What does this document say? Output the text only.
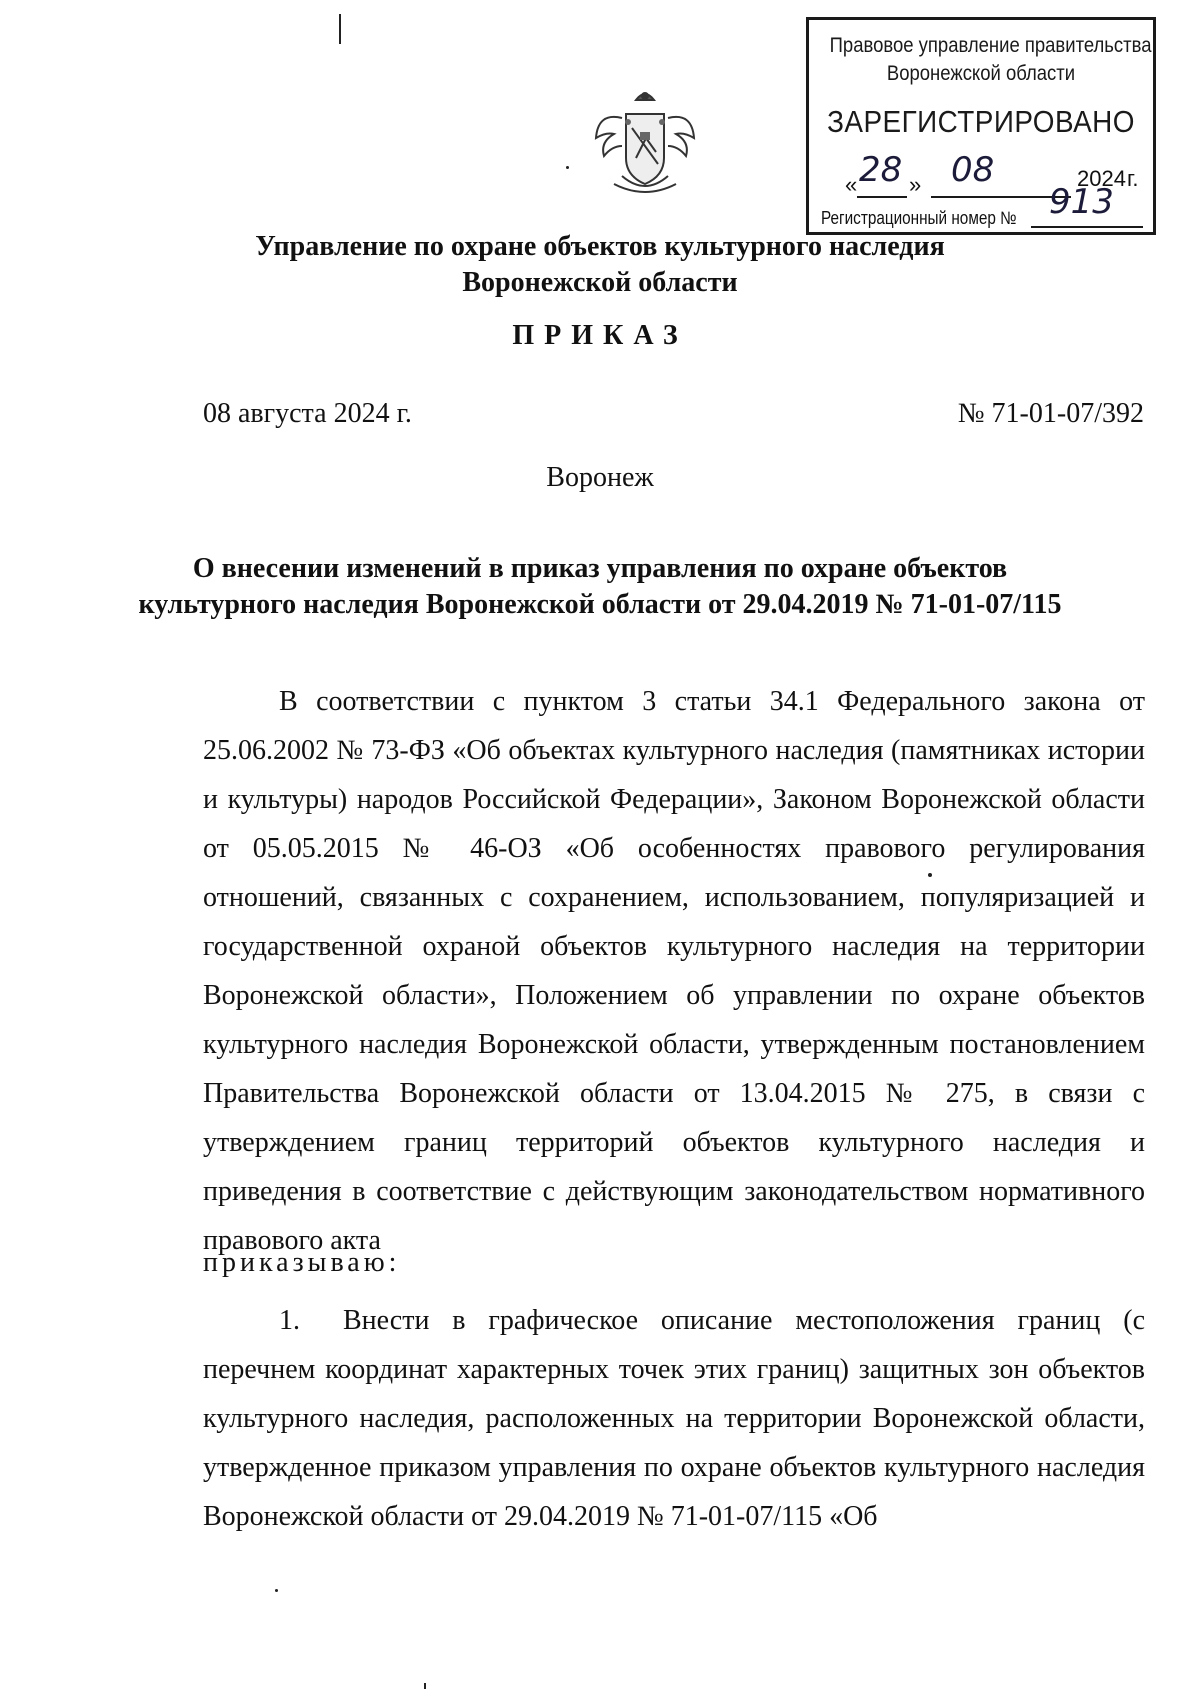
Правовое управление правительства
Воронежской области
ЗАРЕГИСТРИРОВАНО
« 28 » 08	2024 г.
Регистрационный номер № 913
Управление по охране объектов культурного наследия
Воронежской области
ПРИКАЗ
08 августа 2024 г.	№ 71-01-07/392
Воронеж
О внесении изменений в приказ управления по охране объектов
культурного наследия Воронежской области от 29.04.2019 № 71-01-07/115

В соответствии с пунктом 3 статьи 34.1 Федерального закона от 25.06.2002 № 73-ФЗ «Об объектах культурного наследия (памятниках истории и культуры) народов Российской Федерации», Законом Воронежской области от 05.05.2015 № 46-ОЗ «Об особенностях правового регулирования отношений, связанных с сохранением, использованием, популяризацией и государственной охраной объектов культурного наследия на территории Воронежской области», Положением об управлении по охране объектов культурного наследия Воронежской области, утвержденным постановлением Правительства Воронежской области от 13.04.2015 № 275, в связи с утверждением границ территорий объектов культурного наследия и приведения в соответствие с действующим законодательством нормативного правового акта

приказываю:

1. Внести в графическое описание местоположения границ (с перечнем координат характерных точек этих границ) защитных зон объектов культурного наследия, расположенных на территории Воронежской области, утвержденное приказом управления по охране объектов культурного наследия Воронежской области от 29.04.2019 № 71-01-07/115 «Об
